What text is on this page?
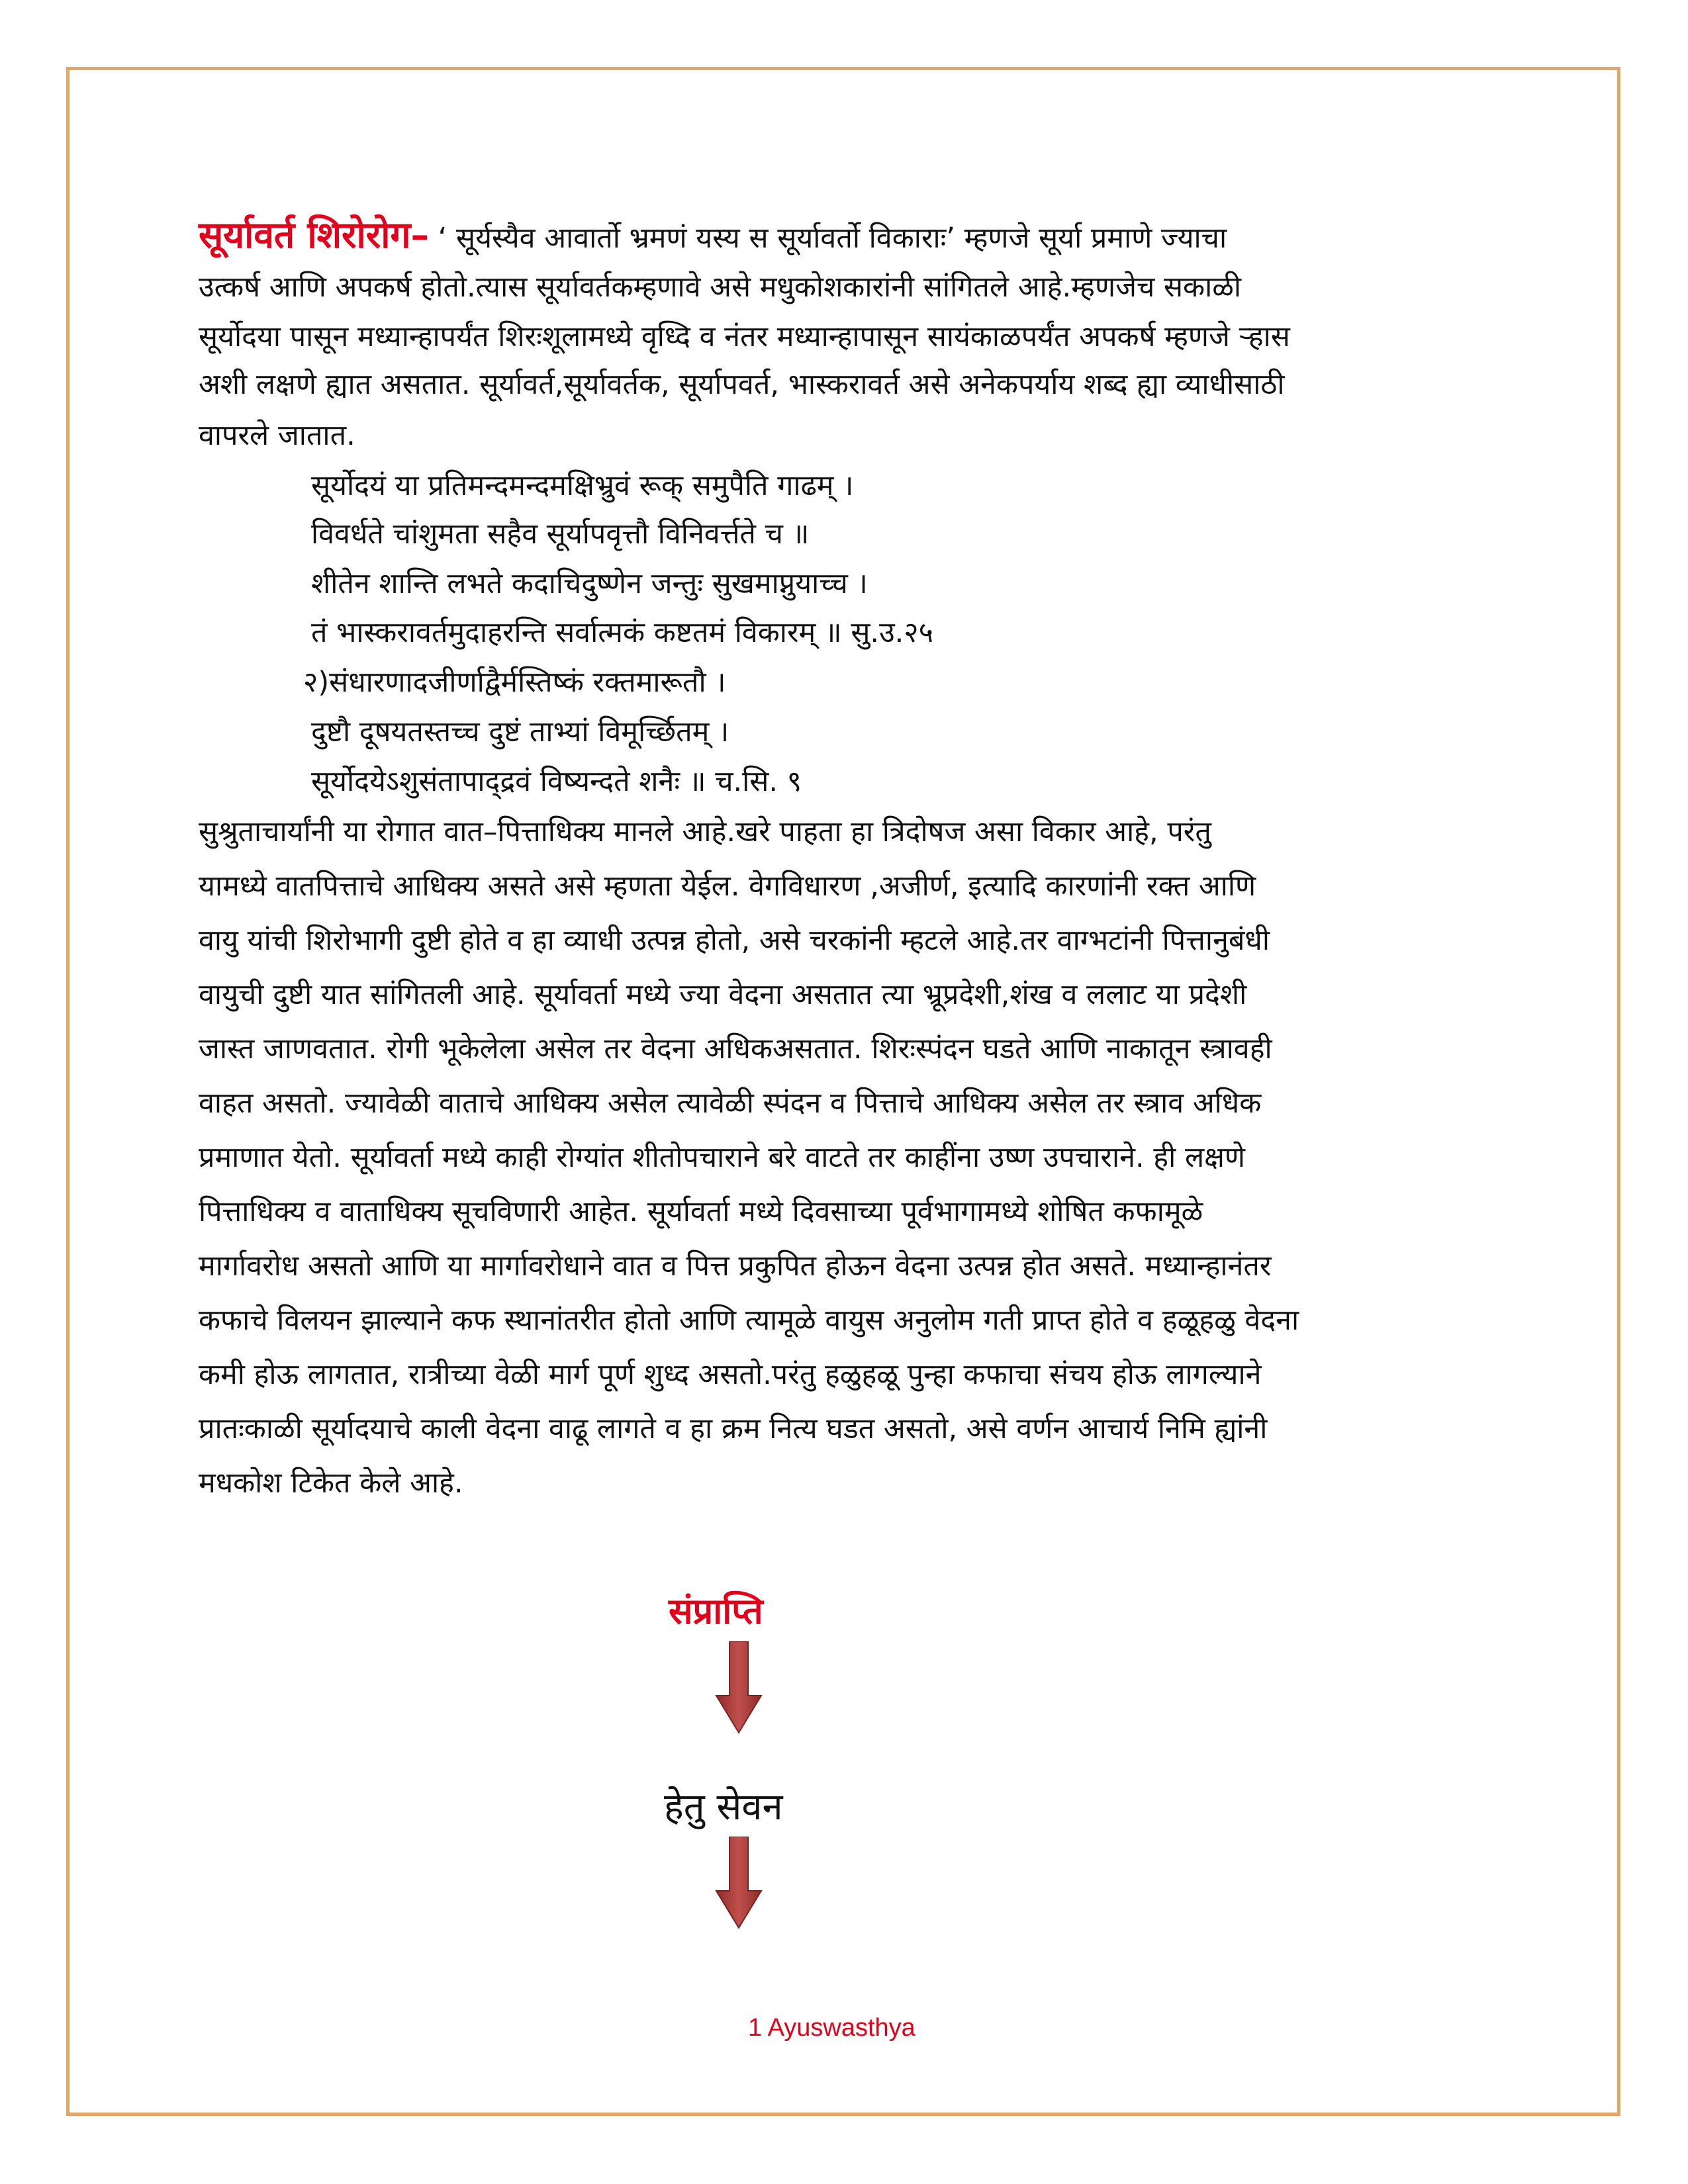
सूर्यावर्त शिरोरोग– ‘ सूर्यस्यैव आवार्तो भ्रमणं यस्य स सूर्यावर्तो विकाराः’ म्हणजे सूर्या प्रमाणे ज्याचा
उत्कर्ष आणि अपकर्ष होतो.त्यास सूर्यावर्तकम्हणावे असे मधुकोशकारांनी सांगितले आहे.म्हणजेच सकाळी
सूर्योदया पासून मध्यान्हापर्यंत शिरःशूलामध्ये वृध्दि व नंतर मध्यान्हापासून सायंकाळपर्यंत अपकर्ष म्हणजे ऱ्हास
अशी लक्षणे ह्यात असतात. सूर्यावर्त,सूर्यावर्तक, सूर्यापवर्त, भास्करावर्त असे अनेकपर्याय शब्द ह्या व्याधीसाठी
वापरले जातात.
सूर्योदयं या प्रतिमन्दमन्दमक्षिभ्रुवं रूक् समुपैति गाढम् ।
विवर्धते चांशुमता सहैव सूर्यापवृत्तौ विनिवर्त्तते च ॥
शीतेन शान्ति लभते कदाचिदुष्णेन जन्तुः सुखमाप्नुयाच्च ।
तं भास्करावर्तमुदाहरन्ति सर्वात्मकं कष्टतमं विकारम् ॥ सु.उ.२५
२)संधारणादजीर्णाद्वैर्मस्तिष्कं रक्तमारूतौ ।
दुष्टौ दूषयतस्तच्च दुष्टं ताभ्यां विमूर्च्छितम् ।
सूर्योदयेऽशुसंतापाद्द्रवं विष्यन्दते शनैः ॥ च.सि. ९
सुश्रुताचार्यांनी या रोगात वात–पित्ताधिक्य मानले आहे.खरे पाहता हा त्रिदोषज असा विकार आहे, परंतु
यामध्ये वातपित्ताचे आधिक्य असते असे म्हणता येईल. वेगविधारण ,अजीर्ण, इत्यादि कारणांनी रक्त आणि
वायु यांची शिरोभागी दुष्टी होते व हा व्याधी उत्पन्न होतो, असे चरकांनी म्हटले आहे.तर वाग्भटांनी पित्तानुबंधी
वायुची दुष्टी यात सांगितली आहे. सूर्यावर्ता मध्ये ज्या वेदना असतात त्या भ्रूप्रदेशी,शंख व ललाट या प्रदेशी
जास्त जाणवतात. रोगी भूकेलेला असेल तर वेदना अधिकअसतात. शिरःस्पंदन घडते आणि नाकातून स्त्रावही
वाहत असतो. ज्यावेळी वाताचे आधिक्य असेल त्यावेळी स्पंदन व पित्ताचे आधिक्य असेल तर स्त्राव अधिक
प्रमाणात येतो. सूर्यावर्ता मध्ये काही रोग्यांत शीतोपचाराने बरे वाटते तर काहींना उष्ण उपचाराने. ही लक्षणे
पित्ताधिक्य व वाताधिक्य सूचविणारी आहेत. सूर्यावर्ता मध्ये दिवसाच्या पूर्वभागामध्ये शोषित कफामूळे
मार्गावरोध असतो आणि या मार्गावरोधाने वात व पित्त प्रकुपित होऊन वेदना उत्पन्न होत असते. मध्यान्हानंतर
कफाचे विलयन झाल्याने कफ स्थानांतरीत होतो आणि त्यामूळे वायुस अनुलोम गती प्राप्त होते व हळूहळु वेदना
कमी होऊ लागतात, रात्रीच्या वेळी मार्ग पूर्ण शुध्द असतो.परंतु हळुहळू पुन्हा कफाचा संचय होऊ लागल्याने
प्रातःकाळी सूर्यादयाचे काली वेदना वाढू लागते व हा क्रम नित्य घडत असतो, असे वर्णन आचार्य निमि ह्यांनी
मधकोश टिकेत केले आहे.
संप्राप्ति
हेतु सेवन
1 Ayuswasthya
